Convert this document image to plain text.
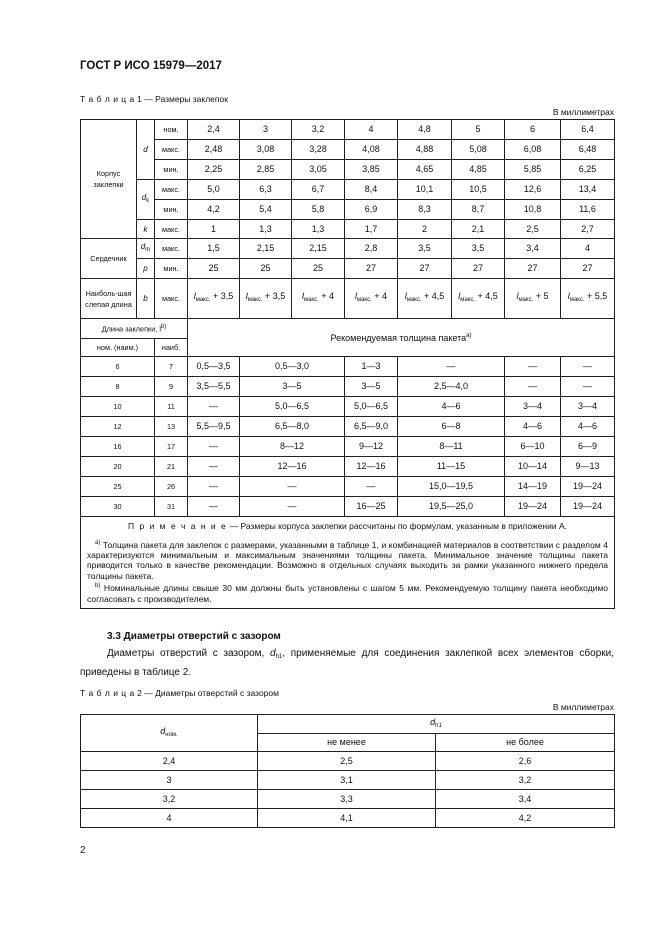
ГОСТ Р ИСО 15979—2017
Т а б л и ц а 1 — Размеры заклепок
В миллиметрах
Корпус заклепки	d	ном.	2,4	3	3,2	4	4,8	5	6	6,4
		макс.	2,48	3,08	3,28	4,08	4,88	5,08	6,08	6,48
		мин.	2,25	2,85	3,05	3,85	4,65	4,85	5,85	6,25
	$d_k$	макс.	5,0	6,3	6,7	8,4	10,1	10,5	12,6	13,4
		мин.	4,2	5,4	5,8	6,9	8,3	8,7	10,8	11,6
	k	макс.	1	1,3	1,3	1,7	2	2,1	2,5	2,7
Сердечник	$d_m$	макс.	1,5	2,15	2,15	2,8	3,5	3,5	3,4	4
	p	мин.	25	25	25	27	27	27	27	27
Наиболь-шая слепая длина	b	макс.	$l_{макс.} + 3,5$	$l_{макс.} + 3,5$	$l_{макс.} + 4$	$l_{макс.} + 4$	$l_{макс.} + 4,5$	$l_{макс.} + 4,5$	$l_{макс.} + 5$	$l_{макс.} + 5,5$
Длина заклепки, $l^{b)}$			Рекомендуемая толщина пакета$^{а)}$
ном. (наим.)		наиб.								
6		7	0,5—3,5	0,5—3,0		1—3	—		—	—
8		9	3,5—5,5	3—5		3—5	2,5—4,0		—	—
10		11	—	5,0—6,5		5,0—6,5	4—6		3—4	3—4
12		13	5,5—9,5	6,5—8,0		6,5—9,0	6—8		4—6	4—6
16		17	—	8—12		9—12	8—11		6—10	6—9
20		21	—	12—16		12—16	11—15		10—14	9—13
25		26	—	—		—	15,0—19,5		14—19	19—24
30		31	—	—		16—25	19,5—25,0		19—24	19—24

П р и м е ч а н и е — Размеры корпуса заклепки рассчитаны по формулам, указанным в приложении А.

$^{а)}$ Толщина пакета для заклепок с размерами, указанными в таблице 1, и комбинацией материалов в соответствии с разделом 4 характеризуются минимальным и максимальным значениями толщины пакета. Минимальное значение толщины пакета приводится только в качестве рекомендации. Возможно в отдельных случаях выходить за рамки указанного нижнего предела толщины пакета.

$^{b)}$ Номинальные длины свыше 30 мм должны быть установлены с шагом 5 мм. Рекомендуемую толщину пакета необходимо согласовать с производителем.										

3.3 Диаметры отверстий с зазором
Диаметры отверстий с зазором, $d_{h1}$, применяемые для соединения заклепкой всех элементов сборки, приведены в таблице 2.
Т а б л и ц а 2 — Диаметры отверстий с зазором
В миллиметрах
$d_{ном.}$	$d_{h1}$
	не менее	не более
2,4	2,5	2,6
3	3,1	3,2
3,2	3,3	3,4
4	4,1	4,2
2
